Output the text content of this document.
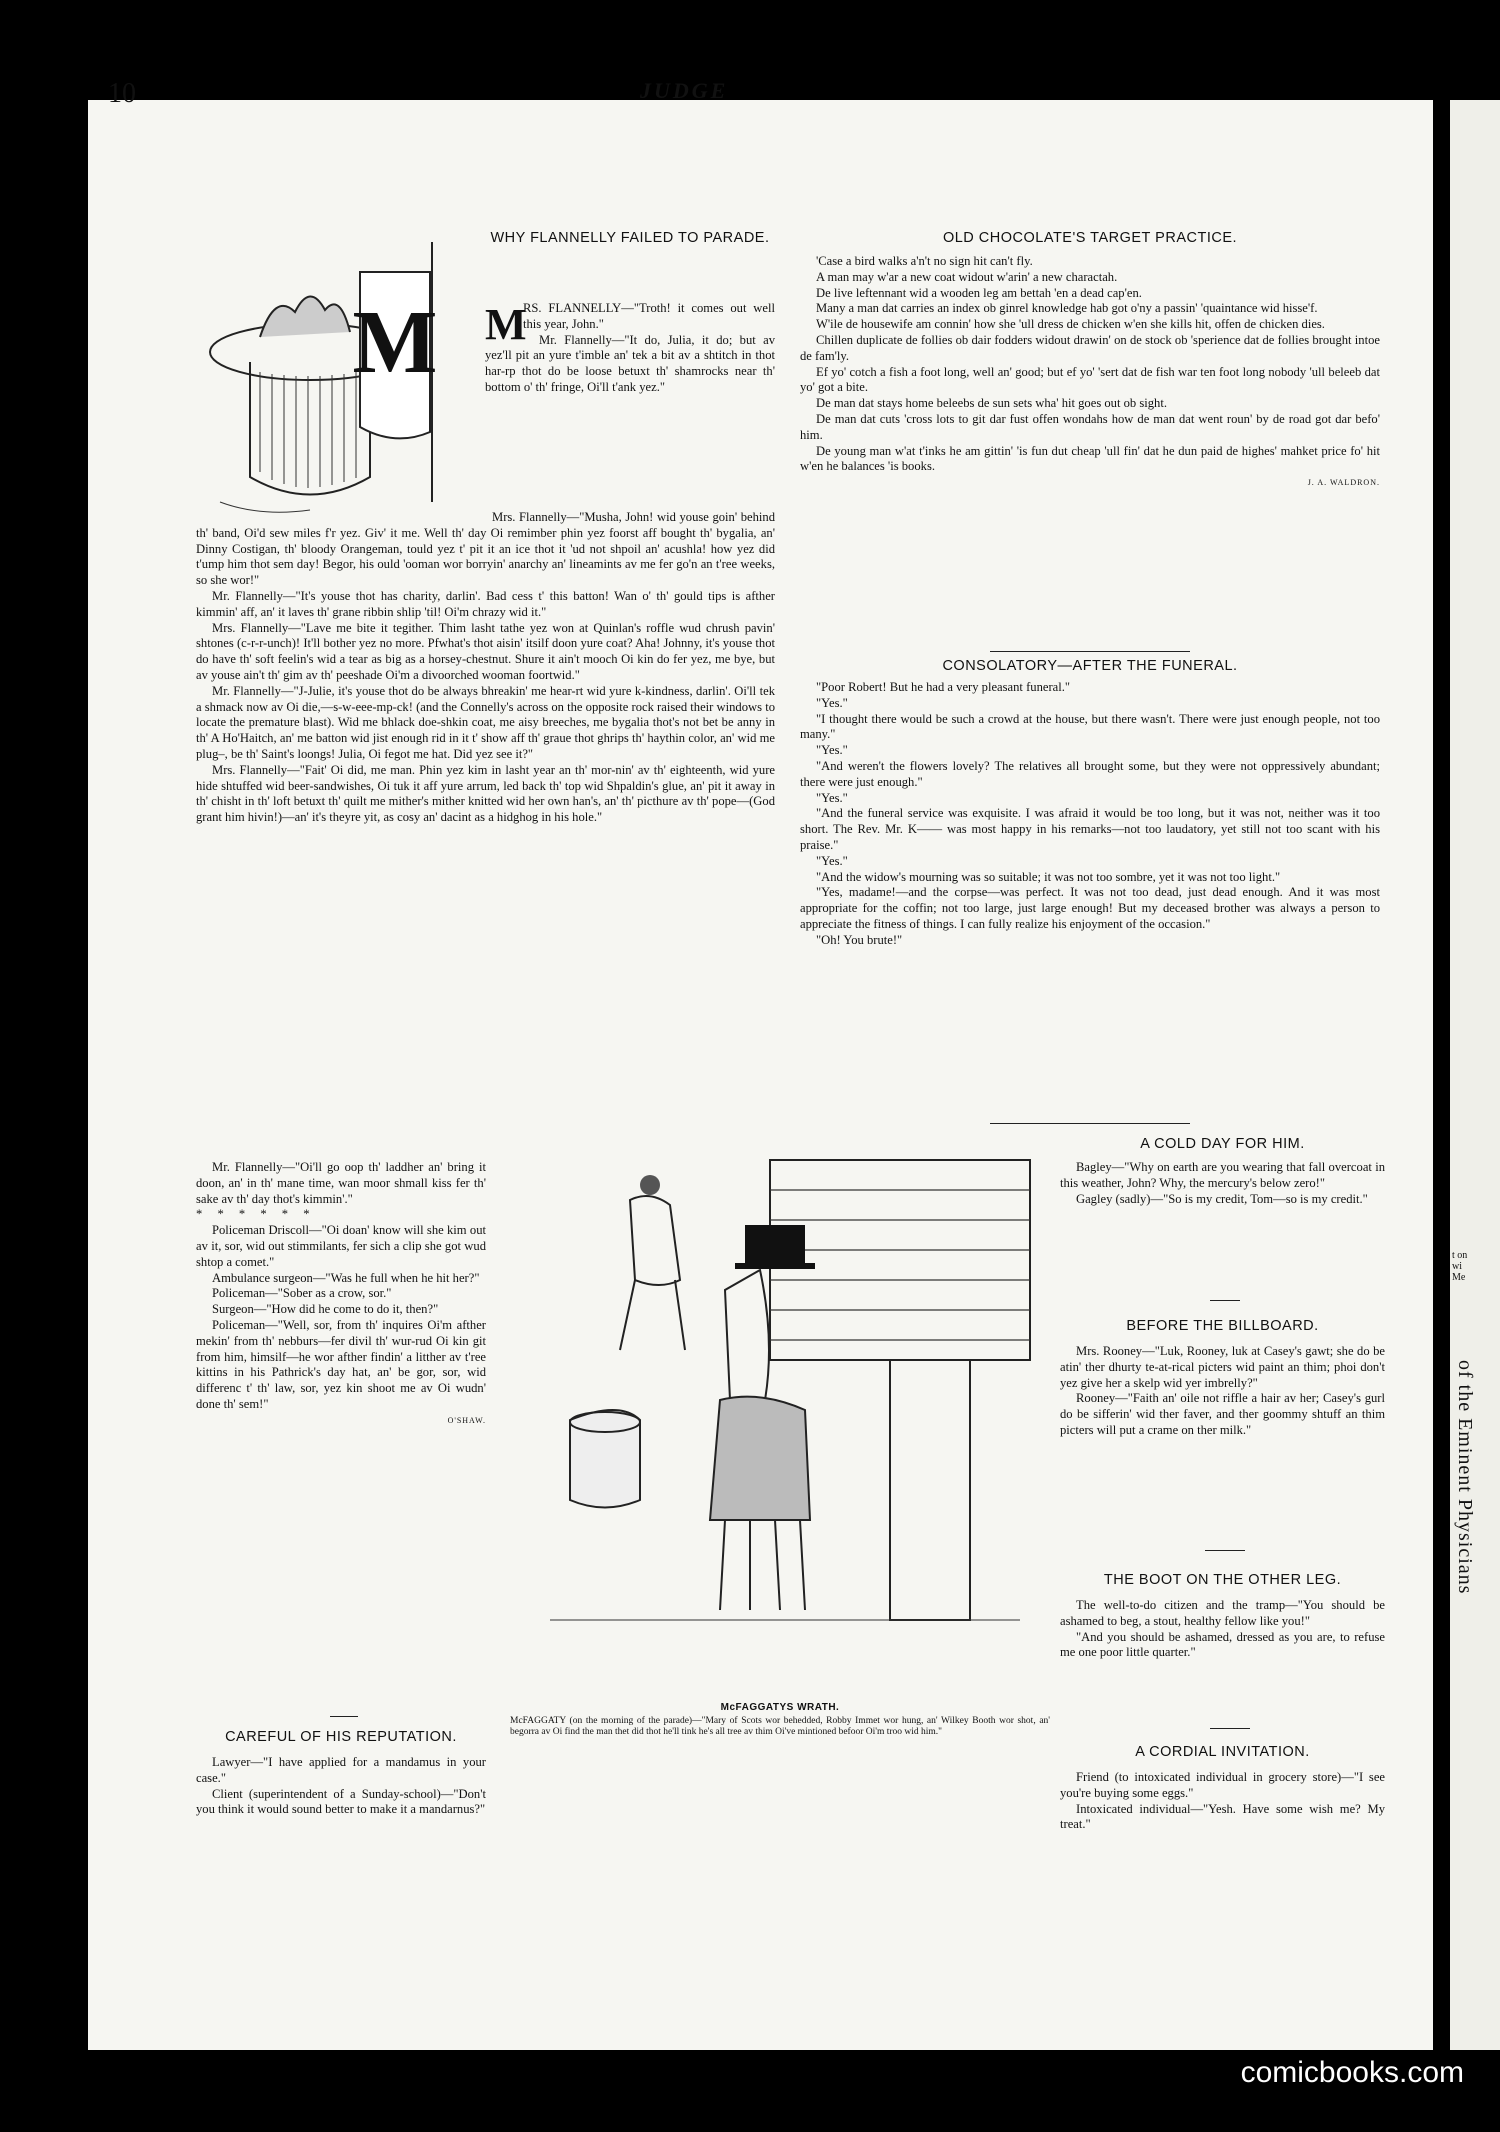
t on wi Me
of the Eminent Physicians
10	JUDGE
M
WHY FLANNELLY FAILED TO PARADE.
M

RS. FLANNELLY—"Troth! it comes out well this year, John."

Mr. Flannelly—"It do, Julia, it do; but av yez'll pit an yure t'imble an' tek a bit av a shtitch in thot har-rp thot do be loose betuxt th' shamrocks near th' bottom o' th' fringe, Oi'll t'ank yez."

Mrs. Flannelly—"Musha, John! wid youse goin' behind th' band, Oi'd sew miles f'r yez. Giv' it me. Well th' day Oi remimber phin yez foorst aff bought th' bygalia, an' Dinny Costigan, th' bloody Orangeman, tould yez t' pit it an ice thot it 'ud not shpoil an' acushla! how yez did t'ump him thot sem day! Begor, his ould 'ooman wor borryin' anarchy an' lineamints av me fer go'n an t'ree weeks, so she wor!"

Mr. Flannelly—"It's youse thot has charity, darlin'. Bad cess t' this batton! Wan o' th' gould tips is afther kimmin' aff, an' it laves th' grane ribbin shlip 'til! Oi'm chrazy wid it."

Mrs. Flannelly—"Lave me bite it tegither. Thim lasht tathe yez won at Quinlan's roffle wud chrush pavin' shtones (c-r-r-unch)! It'll bother yez no more. Pfwhat's thot aisin' itsilf doon yure coat? Aha! Johnny, it's youse thot do have th' soft feelin's wid a tear as big as a horsey-chestnut. Shure it ain't mooch Oi kin do fer yez, me bye, but av youse ain't th' gim av th' peeshade Oi'm a divoorched wooman foortwid."

Mr. Flannelly—"J-Julie, it's youse thot do be always bhreakin' me hear-rt wid yure k-kindness, darlin'. Oi'll tek a shmack now av Oi die,—s-w-eee-mp-ck! (and the Connelly's across on the opposite rock raised their windows to locate the premature blast). Wid me bhlack doe-shkin coat, me aisy breeches, me bygalia thot's not bet be anny in th' A Ho'Haitch, an' me batton wid jist enough rid in it t' show aff th' graue thot ghrips th' haythin color, an' wid me plug–, be th' Saint's loongs! Julia, Oi fegot me hat. Did yez see it?"

Mrs. Flannelly—"Fait' Oi did, me man. Phin yez kim in lasht year an th' mor-nin' av th' eighteenth, wid yure hide shtuffed wid beer-sandwishes, Oi tuk it aff yure arrum, led back th' top wid Shpaldin's glue, an' pit it away in th' chisht in th' loft betuxt th' quilt me mither's mither knitted wid her own han's, an' th' picthure av th' pope—(God grant him hivin!)—an' it's theyre yit, as cosy an' dacint as a hidghog in his hole."

Mr. Flannelly—"Oi'll go oop th' laddher an' bring it doon, an' in th' mane time, wan moor shmall kiss fer th' sake av th' day thot's kimmin'."

* * * * * *

Policeman Driscoll—"Oi doan' know will she kim out av it, sor, wid out stimmilants, fer sich a clip she got wud shtop a comet."

Ambulance surgeon—"Was he full when he hit her?"

Policeman—"Sober as a crow, sor."

Surgeon—"How did he come to do it, then?"

Policeman—"Well, sor, from th' inquires Oi'm afther mekin' from th' nebburs—fer divil th' wur-rud Oi kin git from him, himsilf—he wor afther findin' a litther av t'ree kittins in his Pathrick's day hat, an' be gor, sor, wid differenc t' th' law, sor, yez kin shoot me av Oi wudn' done th' sem!"

O'SHAW.
CAREFUL OF HIS REPUTATION.

Lawyer—"I have applied for a mandamus in your case."

Client (superintendent of a Sunday-school)—"Don't you think it would sound better to make it a mandarnus?"

OLD CHOCOLATE'S TARGET PRACTICE.

'Case a bird walks a'n't no sign hit can't fly.

A man may w'ar a new coat widout w'arin' a new charactah.

De live leftennant wid a wooden leg am bettah 'en a dead cap'en.

Many a man dat carries an index ob ginrel knowledge hab got o'ny a passin' 'quaintance wid hisse'f.

W'ile de housewife am connin' how she 'ull dress de chicken w'en she kills hit, offen de chicken dies.

Chillen duplicate de follies ob dair fodders widout drawin' on de stock ob 'sperience dat de follies brought intoe de fam'ly.

Ef yo' cotch a fish a foot long, well an' good; but ef yo' 'sert dat de fish war ten foot long nobody 'ull beleeb dat yo' got a bite.

De man dat stays home beleebs de sun sets wha' hit goes out ob sight.

De man dat cuts 'cross lots to git dar fust offen wondahs how de man dat went roun' by de road got dar befo' him.

De young man w'at t'inks he am gittin' 'is fun dut cheap 'ull fin' dat he dun paid de highes' mahket price fo' hit w'en he balances 'is books.

J. A. WALDRON.
CONSOLATORY—AFTER THE FUNERAL.

"Poor Robert! But he had a very pleasant funeral."

"Yes."

"I thought there would be such a crowd at the house, but there wasn't. There were just enough people, not too many."

"Yes."

"And weren't the flowers lovely? The relatives all brought some, but they were not oppressively abundant; there were just enough."

"Yes."

"And the funeral service was exquisite. I was afraid it would be too long, but it was not, neither was it too short. The Rev. Mr. K—— was most happy in his remarks—not too laudatory, yet still not too scant with his praise."

"Yes."

"And the widow's mourning was so suitable; it was not too sombre, yet it was not too light."

"Yes, madame!—and the corpse—was perfect. It was not too dead, just dead enough. And it was most appropriate for the coffin; not too large, just large enough! But my deceased brother was always a person to appreciate the fitness of things. I can fully realize his enjoyment of the occasion."

"Oh! You brute!"

McFAGGATYS WRATH.
McFAGGATY (on the morning of the parade)—"Mary of Scots wor behedded, Robby Immet wor hung, an' Wilkey Booth wor shot, an' begorra av Oi find the man thet did thot he'll tink he's all tree av thim Oi've mintioned befoor Oi'm troo wid him."
A COLD DAY FOR HIM.

Bagley—"Why on earth are you wearing that fall overcoat in this weather, John? Why, the mercury's below zero!"

Gagley (sadly)—"So is my credit, Tom—so is my credit."

BEFORE THE BILLBOARD.

Mrs. Rooney—"Luk, Rooney, luk at Casey's gawt; she do be atin' ther dhurty te-at-rical picters wid paint an thim; phoi don't yez give her a skelp wid yer imbrelly?"

Rooney—"Faith an' oile not riffle a hair av her; Casey's gurl do be sifferin' wid ther faver, and ther goommy shtuff an thim picters will put a crame on ther milk."

THE BOOT ON THE OTHER LEG.

The well-to-do citizen and the tramp—"You should be ashamed to beg, a stout, healthy fellow like you!"

"And you should be ashamed, dressed as you are, to refuse me one poor little quarter."

A CORDIAL INVITATION.

Friend (to intoxicated individual in grocery store)—"I see you're buying some eggs."

Intoxicated individual—"Yesh. Have some wish me? My treat."

comicbooks.com
